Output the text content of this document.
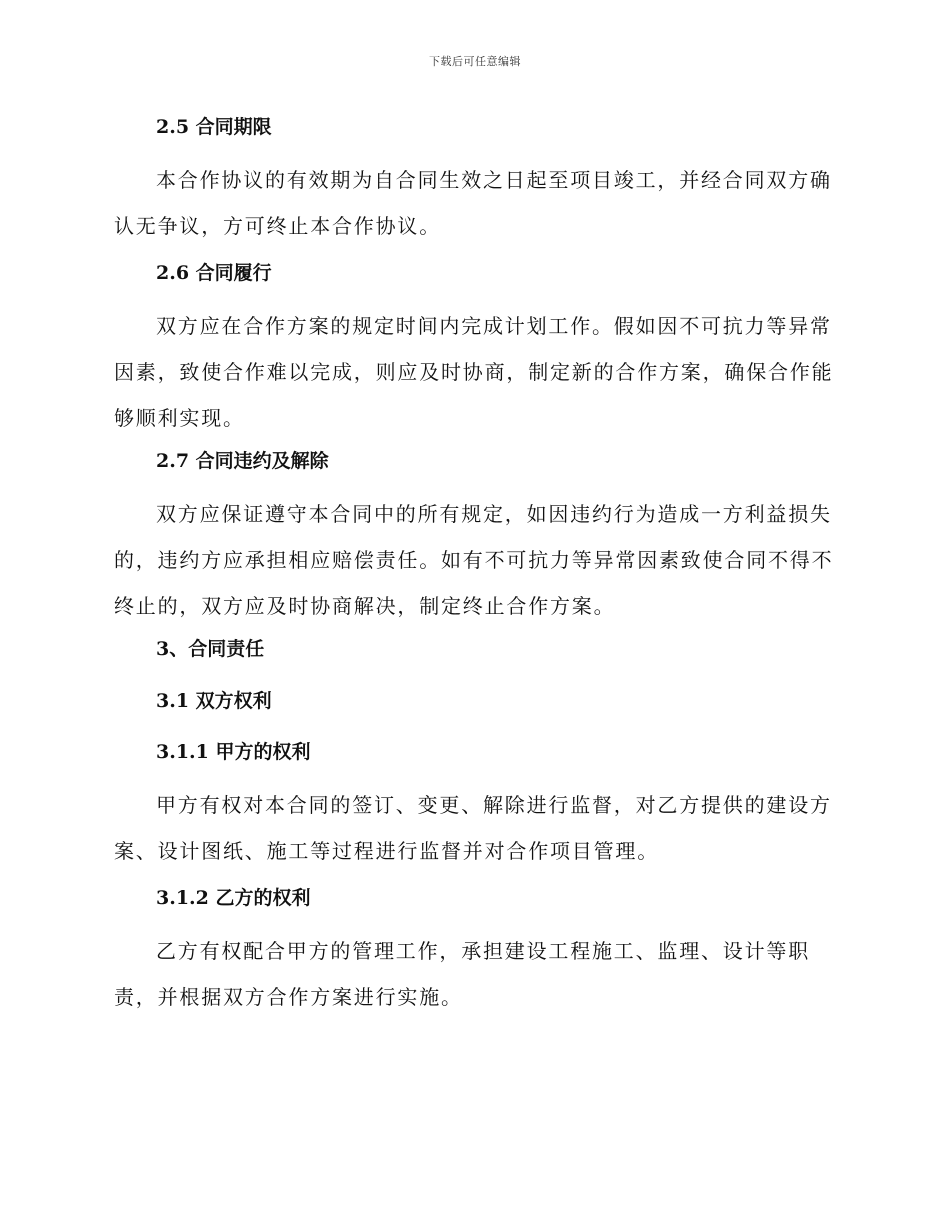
下载后可任意编辑
2.5 合同期限
本合作协议的有效期为自合同生效之日起至项目竣工，并经合同双方确
认无争议，方可终止本合作协议。
2.6 合同履行
双方应在合作方案的规定时间内完成计划工作。假如因不可抗力等异常
因素，致使合作难以完成，则应及时协商，制定新的合作方案，确保合作能
够顺利实现。
2.7 合同违约及解除
双方应保证遵守本合同中的所有规定，如因违约行为造成一方利益损失
的，违约方应承担相应赔偿责任。如有不可抗力等异常因素致使合同不得不
终止的，双方应及时协商解决，制定终止合作方案。
3、合同责任
3.1 双方权利
3.1.1 甲方的权利
甲方有权对本合同的签订、变更、解除进行监督，对乙方提供的建设方
案、设计图纸、施工等过程进行监督并对合作项目管理。
3.1.2 乙方的权利
乙方有权配合甲方的管理工作，承担建设工程施工、监理、设计等职
责，并根据双方合作方案进行实施。
